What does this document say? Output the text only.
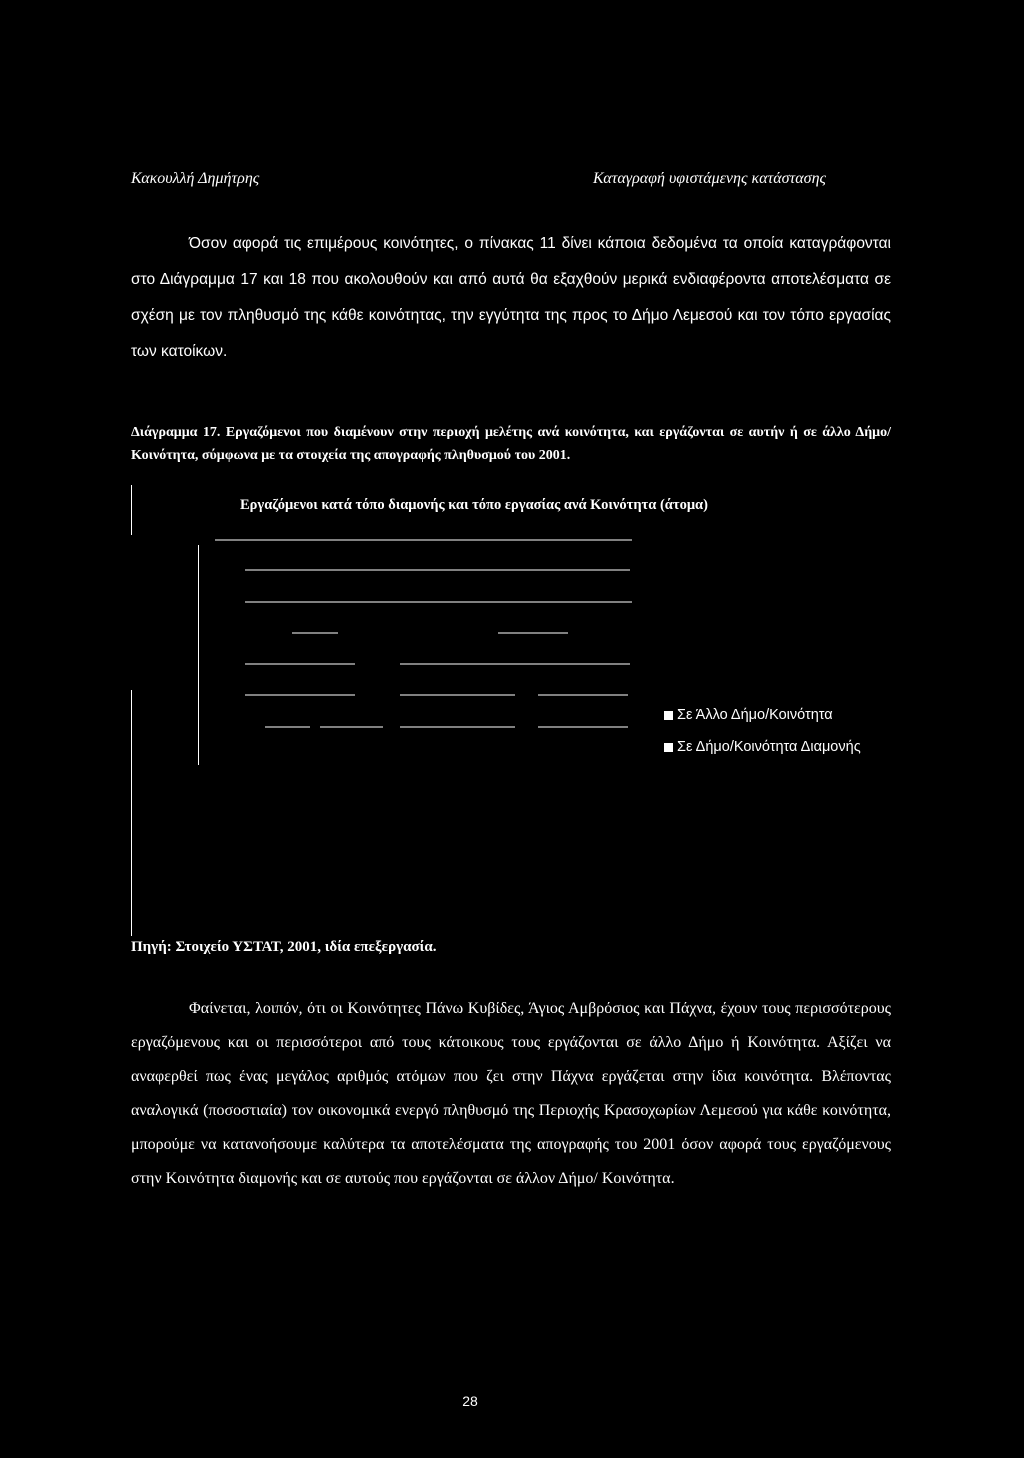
Κακουλλή Δημήτρης	Καταγραφή υφιστάμενης κατάστασης
Όσον αφορά τις επιμέρους κοινότητες, ο πίνακας 11 δίνει κάποια δεδομένα τα οποία καταγράφονται στο Διάγραμμα 17 και 18 που ακολουθούν και από αυτά θα εξαχθούν μερικά ενδιαφέροντα αποτελέσματα σε σχέση με τον πληθυσμό της κάθε κοινότητας, την εγγύτητα της προς το Δήμο Λεμεσού και τον τόπο εργασίας των κατοίκων.
Διάγραμμα 17. Εργαζόμενοι που διαμένουν στην περιοχή μελέτης ανά κοινότητα, και εργάζονται σε αυτήν ή σε άλλο Δήμο/Κοινότητα, σύμφωνα με τα στοιχεία της απογραφής πληθυσμού του 2001.
Εργαζόμενοι κατά τόπο διαμονής και τόπο εργασίας ανά Κοινότητα (άτομα)
Σε Άλλο Δήμο/Κοινότητα
Σε Δήμο/Κοινότητα Διαμονής
Πηγή: Στοιχείο ΥΣΤΑΤ, 2001, ιδία επεξεργασία.
Φαίνεται, λοιπόν, ότι οι Κοινότητες Πάνω Κυβίδες, Άγιος Αμβρόσιος και Πάχνα, έχουν τους περισσότερους εργαζόμενους και οι περισσότεροι από τους κάτοικους τους εργάζονται σε άλλο Δήμο ή Κοινότητα. Αξίζει να αναφερθεί πως ένας μεγάλος αριθμός ατόμων που ζει στην Πάχνα εργάζεται στην ίδια κοινότητα. Βλέποντας αναλογικά (ποσοστιαία) τον οικονομικά ενεργό πληθυσμό της Περιοχής Κρασοχωρίων Λεμεσού για κάθε κοινότητα, μπορούμε να κατανοήσουμε καλύτερα τα αποτελέσματα της απογραφής του 2001 όσον αφορά τους εργαζόμενους στην Κοινότητα διαμονής και σε αυτούς που εργάζονται σε άλλον Δήμο/ Κοινότητα.
28
